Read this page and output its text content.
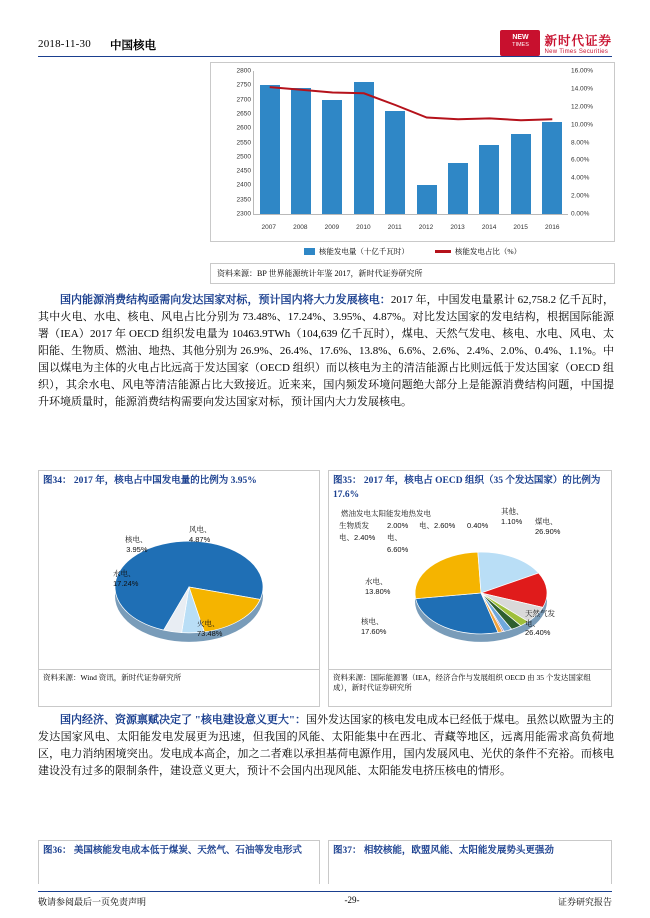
2018-11-30 中国核电
NEW
TIMES	新时代证券
New Times Securities
2800
2750
2700
2650
2600
2550
2500
2450
2400
2350
2300
16.00%
14.00%
12.00%
10.00%
8.00%
6.00%
4.00%
2.00%
0.00%
2007	2008	2009	2010	2011	2012	2013	2014	2015	2016
核能发电量（十亿千瓦时）	核能发电占比（%）
资料来源：BP 世界能源统计年鉴 2017，新时代证券研究所
国内能源消费结构亟需向发达国家对标，预计国内将大力发展核电：2017 年，中国发电量累计 62,758.2 亿千瓦时，其中火电、水电、核电、风电占比分别为 73.48%、17.24%、3.95%、4.87%。对比发达国家的发电结构，根据国际能源署（IEA）2017 年 OECD 组织发电量为 10463.9TWh（104,639 亿千瓦时），煤电、天然气发电、核电、水电、风电、太阳能、生物质、燃油、地热、其他分别为 26.9%、26.4%、17.6%、13.8%、6.6%、2.6%、2.4%、2.0%、0.4%、1.1%。中国以煤电为主体的火电占比远高于发达国家（OECD 组织）而以核电为主的清洁能源占比则远低于发达国家（OECD 组织），其余水电、风电等清洁能源占比大致接近。近来来，国内频发环境问题绝大部分上是能源消费结构问题，中国提升环境质量时，能源消费结构需要向发达国家对标，预计国内大力发展核电。
图34： 2017 年，核电占中国发电量的比例为 3.95%
核电、
3.95%
风电、
4.87%
水电、
17.24%
火电、
73.48%
资料来源：Wind 资讯，新时代证券研究所
图35： 2017 年，核电占 OECD 组织（35 个发达国家）的比例为 17.6%
燃油发电太阳能发地热发电
生物质发 2.00% 电、2.60% 0.40%
电、2.40% 电、
其他、
1.10% 煤电、
26.90%
6.60%
水电、
13.80%
核电、
17.60%
天然气发
电、
26.40%
资料来源：国际能源署（IEA，经济合作与发展组织 OECD 由 35 个发达国家组成），新时代证券研究所
国内经济、资源禀赋决定了 "核电建设意义更大"：国外发达国家的核电发电成本已经低于煤电。虽然以欧盟为主的发达国家风电、太阳能发电发展更为迅速，但我国的风能、太阳能集中在西北、青藏等地区，远离用能需求高负荷地区，电力消纳困境突出。发电成本高企，加之二者难以承担基荷电源作用，国内发展风电、光伏的条件不充裕。而核电建设没有过多的限制条件，建设意义更大，预计不会国内出现风能、太阳能发电挤压核电的情形。
图36： 美国核能发电成本低于煤炭、天然气、石油等发电形式	图37： 相较核能，欧盟风能、太阳能发展势头更强劲
敬请参阅最后一页免责声明	-29-	证券研究报告
